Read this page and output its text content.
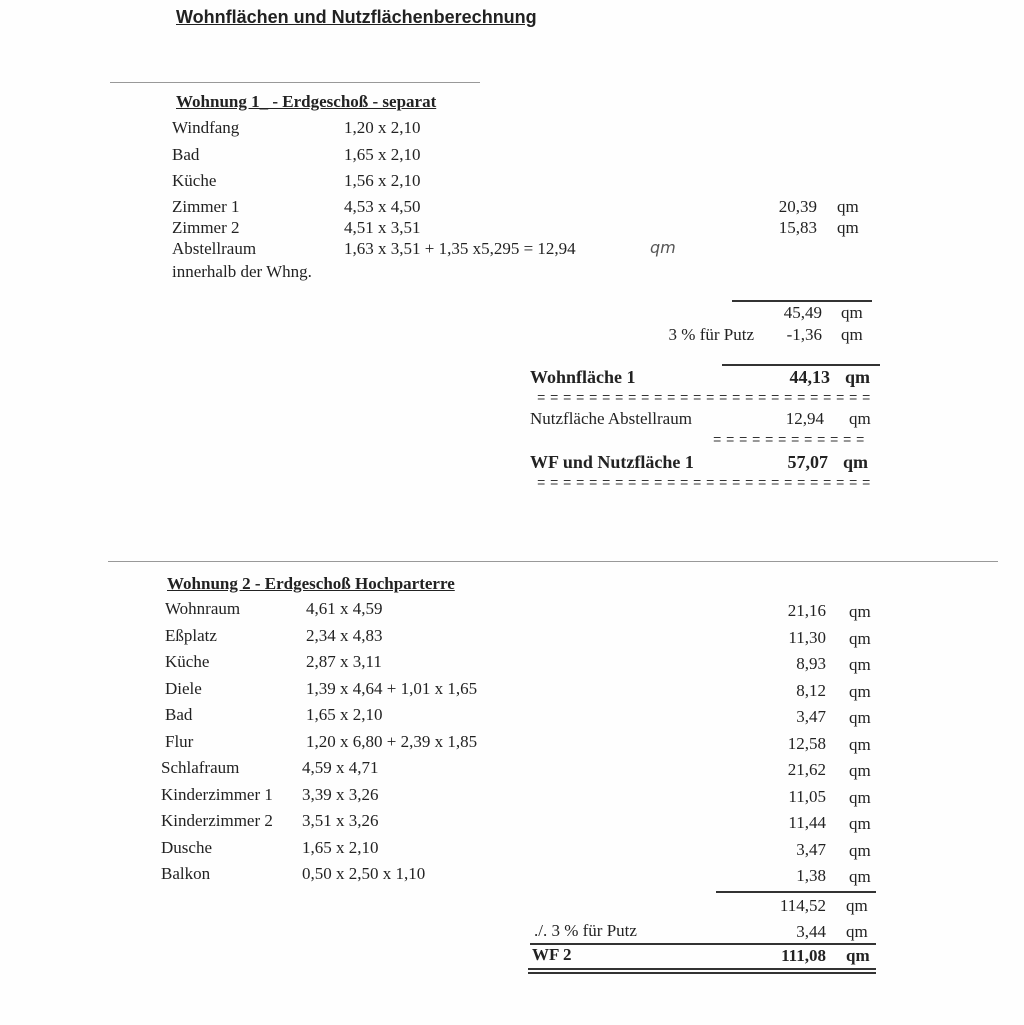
Wohnflächen und Nutzflächenberechnung
Wohnung 1_ - Erdgeschoß - separat
Windfang	1,20 x 2,10
Bad	1,65 x 2,10
Küche	1,56 x 2,10
Zimmer 1	4,53 x 4,50	20,39 qm
Zimmer 2	4,51 x 3,51	15,83 qm
Abstellraum	1,63 x 3,51 + 1,35 x5,295 = 12,94	qm
innerhalb der Whng.
45,49 qm
3 % für Putz -1,36 qm
Wohnfläche 1	44,13 qm
==========================
Nutzfläche Abstellraum	12,94 qm
============
WF und Nutzfläche 1	57,07 qm
==========================
Wohnung 2 - Erdgeschoß Hochparterre
Wohnraum	4,61 x 4,59	21,16 qm
Eßplatz	2,34 x 4,83	11,30 qm
Küche	2,87 x 3,11	8,93 qm
Diele	1,39 x 4,64 + 1,01 x 1,65	8,12 qm
Bad	1,65 x 2,10	3,47 qm
Flur	1,20 x 6,80 + 2,39 x 1,85	12,58 qm
Schlafraum	4,59 x 4,71	21,62 qm
Kinderzimmer 1 3,39 x 3,26	11,05 qm
Kinderzimmer 2 3,51 x 3,26	11,44 qm
Dusche	1,65 x 2,10	3,47 qm
Balkon	0,50 x 2,50 x 1,10	1,38 qm
114,52 qm
./. 3 % für Putz	3,44 qm
WF 2	111,08 qm
